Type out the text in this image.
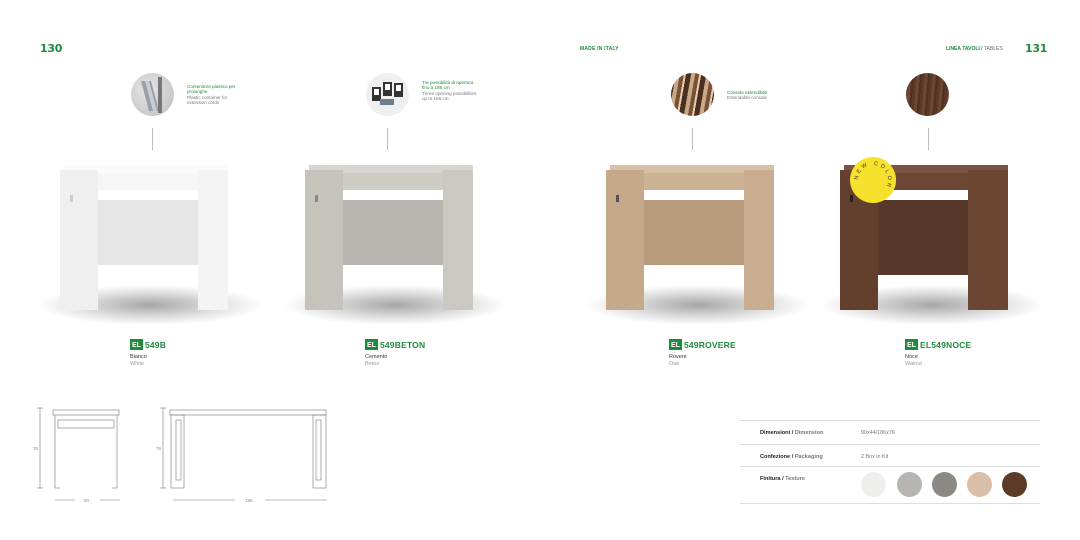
130	MADE IN ITALY	LINEA TAVOLI / TABLES 131
Contenitore plastico per prolunghe
Plastic container for extension cords
Tre possibilità di apertura fino a 186 cm
Three opening possibilities up to 186 cm
Console estendibile
Extendable console
NEW COLOR
EL 549B
Bianco
White
EL 549BETON
Cemento
Beton
EL 549ROVERE
Rovere
Oak
EL EL549NOCE
Noce
Walnut
76
90
76
186
Dimensioni / Dimension	90x44/186x76
Confezione / Packaging	2 Box in Kit
Finitura / Texture
